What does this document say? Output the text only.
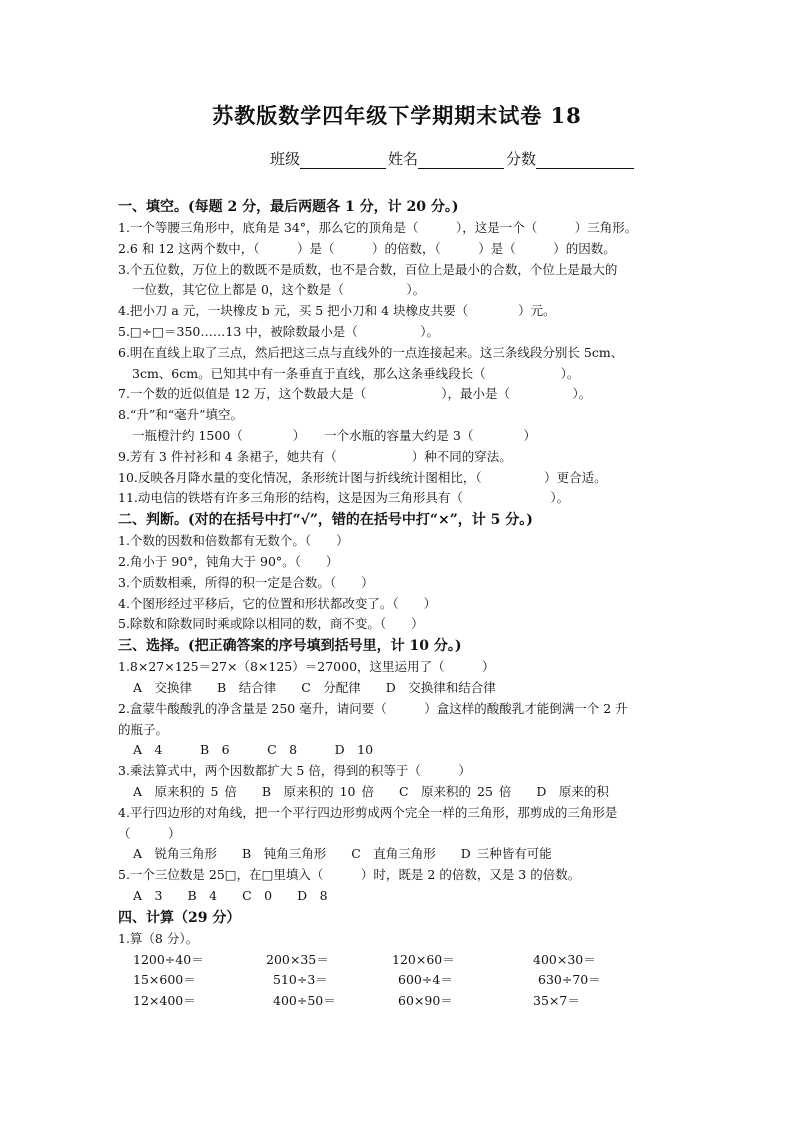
苏教版数学四年级下学期期末试卷 18
班级	姓名	分数
一、填空。(每题 2 分，最后两题各 1 分，计 20 分。)
1.一个等腰三角形中，底角是 34°，那么它的顶角是（　　　），这是一个（　　　）三角形。
2.6 和 12 这两个数中，（　　　）是（　　　）的倍数，（　　　）是（　　　）的因数。
3.个五位数，万位上的数既不是质数，也不是合数，百位上是最小的合数，个位上是最大的
一位数，其它位上都是 0，这个数是（　　　　　）。
4.把小刀 a 元，一块橡皮 b 元，买 5 把小刀和 4 块橡皮共要（　　　　）元。
5.□÷□＝350……13 中，被除数最小是（　　　　　）。
6.明在直线上取了三点，然后把这三点与直线外的一点连接起来。这三条线段分别长 5cm、
3cm、6cm。已知其中有一条垂直于直线，那么这条垂线段长（　　　　　　）。
7.一个数的近似值是 12 万，这个数最大是（　　　　　　），最小是（　　　　　）。
8.“升”和“毫升”填空。
一瓶橙汁约 1500（　　　　）　　一个水瓶的容量大约是 3（　　　　）
9.芳有 3 件衬衫和 4 条裙子，她共有（　　　　　　）种不同的穿法。
10.反映各月降水量的变化情况，条形统计图与折线统计图相比，（　　　　　）更合适。
11.动电信的铁塔有许多三角形的结构，这是因为三角形具有（　　　　　　　）。
二、判断。(对的在括号中打“√”，错的在括号中打“×”，计 5 分。)
1.个数的因数和倍数都有无数个。（　　）
2.角小于 90°，钝角大于 90°。（　　）
3.个质数相乘，所得的积一定是合数。（　　）
4.个图形经过平移后，它的位置和形状都改变了。（　　）
5.除数和除数同时乘或除以相同的数，商不变。（　　）
三、选择。(把正确答案的序号填到括号里，计 10 分。)
1.8×27×125＝27×（8×125）＝27000，这里运用了（　　　）
A　交换律　　B　结合律　　C　分配律　　D　交换律和结合律
2.盒蒙牛酸酸乳的净含量是 250 毫升，请问要（　　　）盒这样的酸酸乳才能倒满一个 2 升
的瓶子。
A　4　　　B　6　　　C　8　　　D　10
3.乘法算式中，两个因数都扩大 5 倍，得到的积等于（　　　）
A　原来积的 5 倍　　B　原来积的 10 倍　　C　原来积的 25 倍　　D　原来的积
4.平行四边形的对角线，把一个平行四边形剪成两个完全一样的三角形，那剪成的三角形是
（　　　）
A　锐角三角形　　B　钝角三角形　　C　直角三角形　　D 三种皆有可能
5.一个三位数是 25□，在□里填入（　　　）时，既是 2 的倍数，又是 3 的倍数。
A　3　　B　4　　C　0　　D　8
四、计算（29 分）
1.算（8 分）。
1200÷40＝	200×35＝	120×60＝	400×30＝
15×600＝	510÷3＝	600÷4＝	630÷70＝
12×400＝	400÷50＝	60×90＝	35×7＝
